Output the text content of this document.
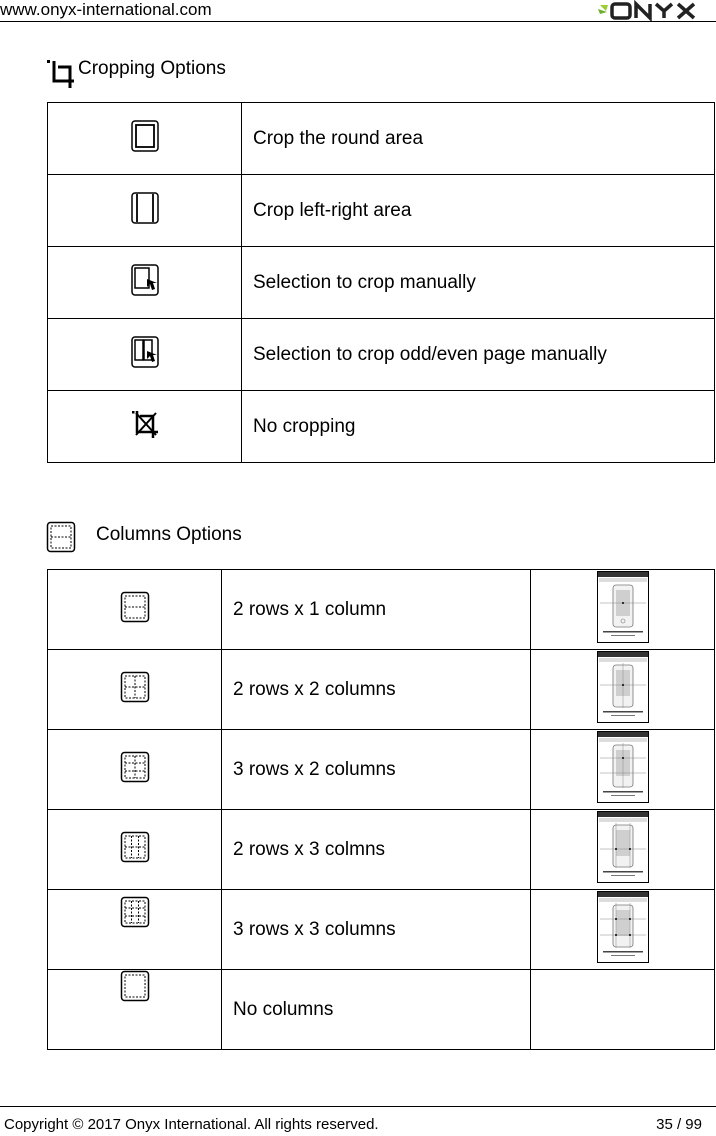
www.onyx-international.com
Cropping Options
	Crop the round area
	Crop left-right area
	Selection to crop manually
	Selection to crop odd/even page manually
	No cropping
Columns Options
	2 rows x 1 column	
	2 rows x 2 columns	
	3 rows x 2 columns	
	2 rows x 3 colmns	
	3 rows x 3 columns	
	No columns	
Copyright © 2017 Onyx International. All rights reserved.	35 / 99
